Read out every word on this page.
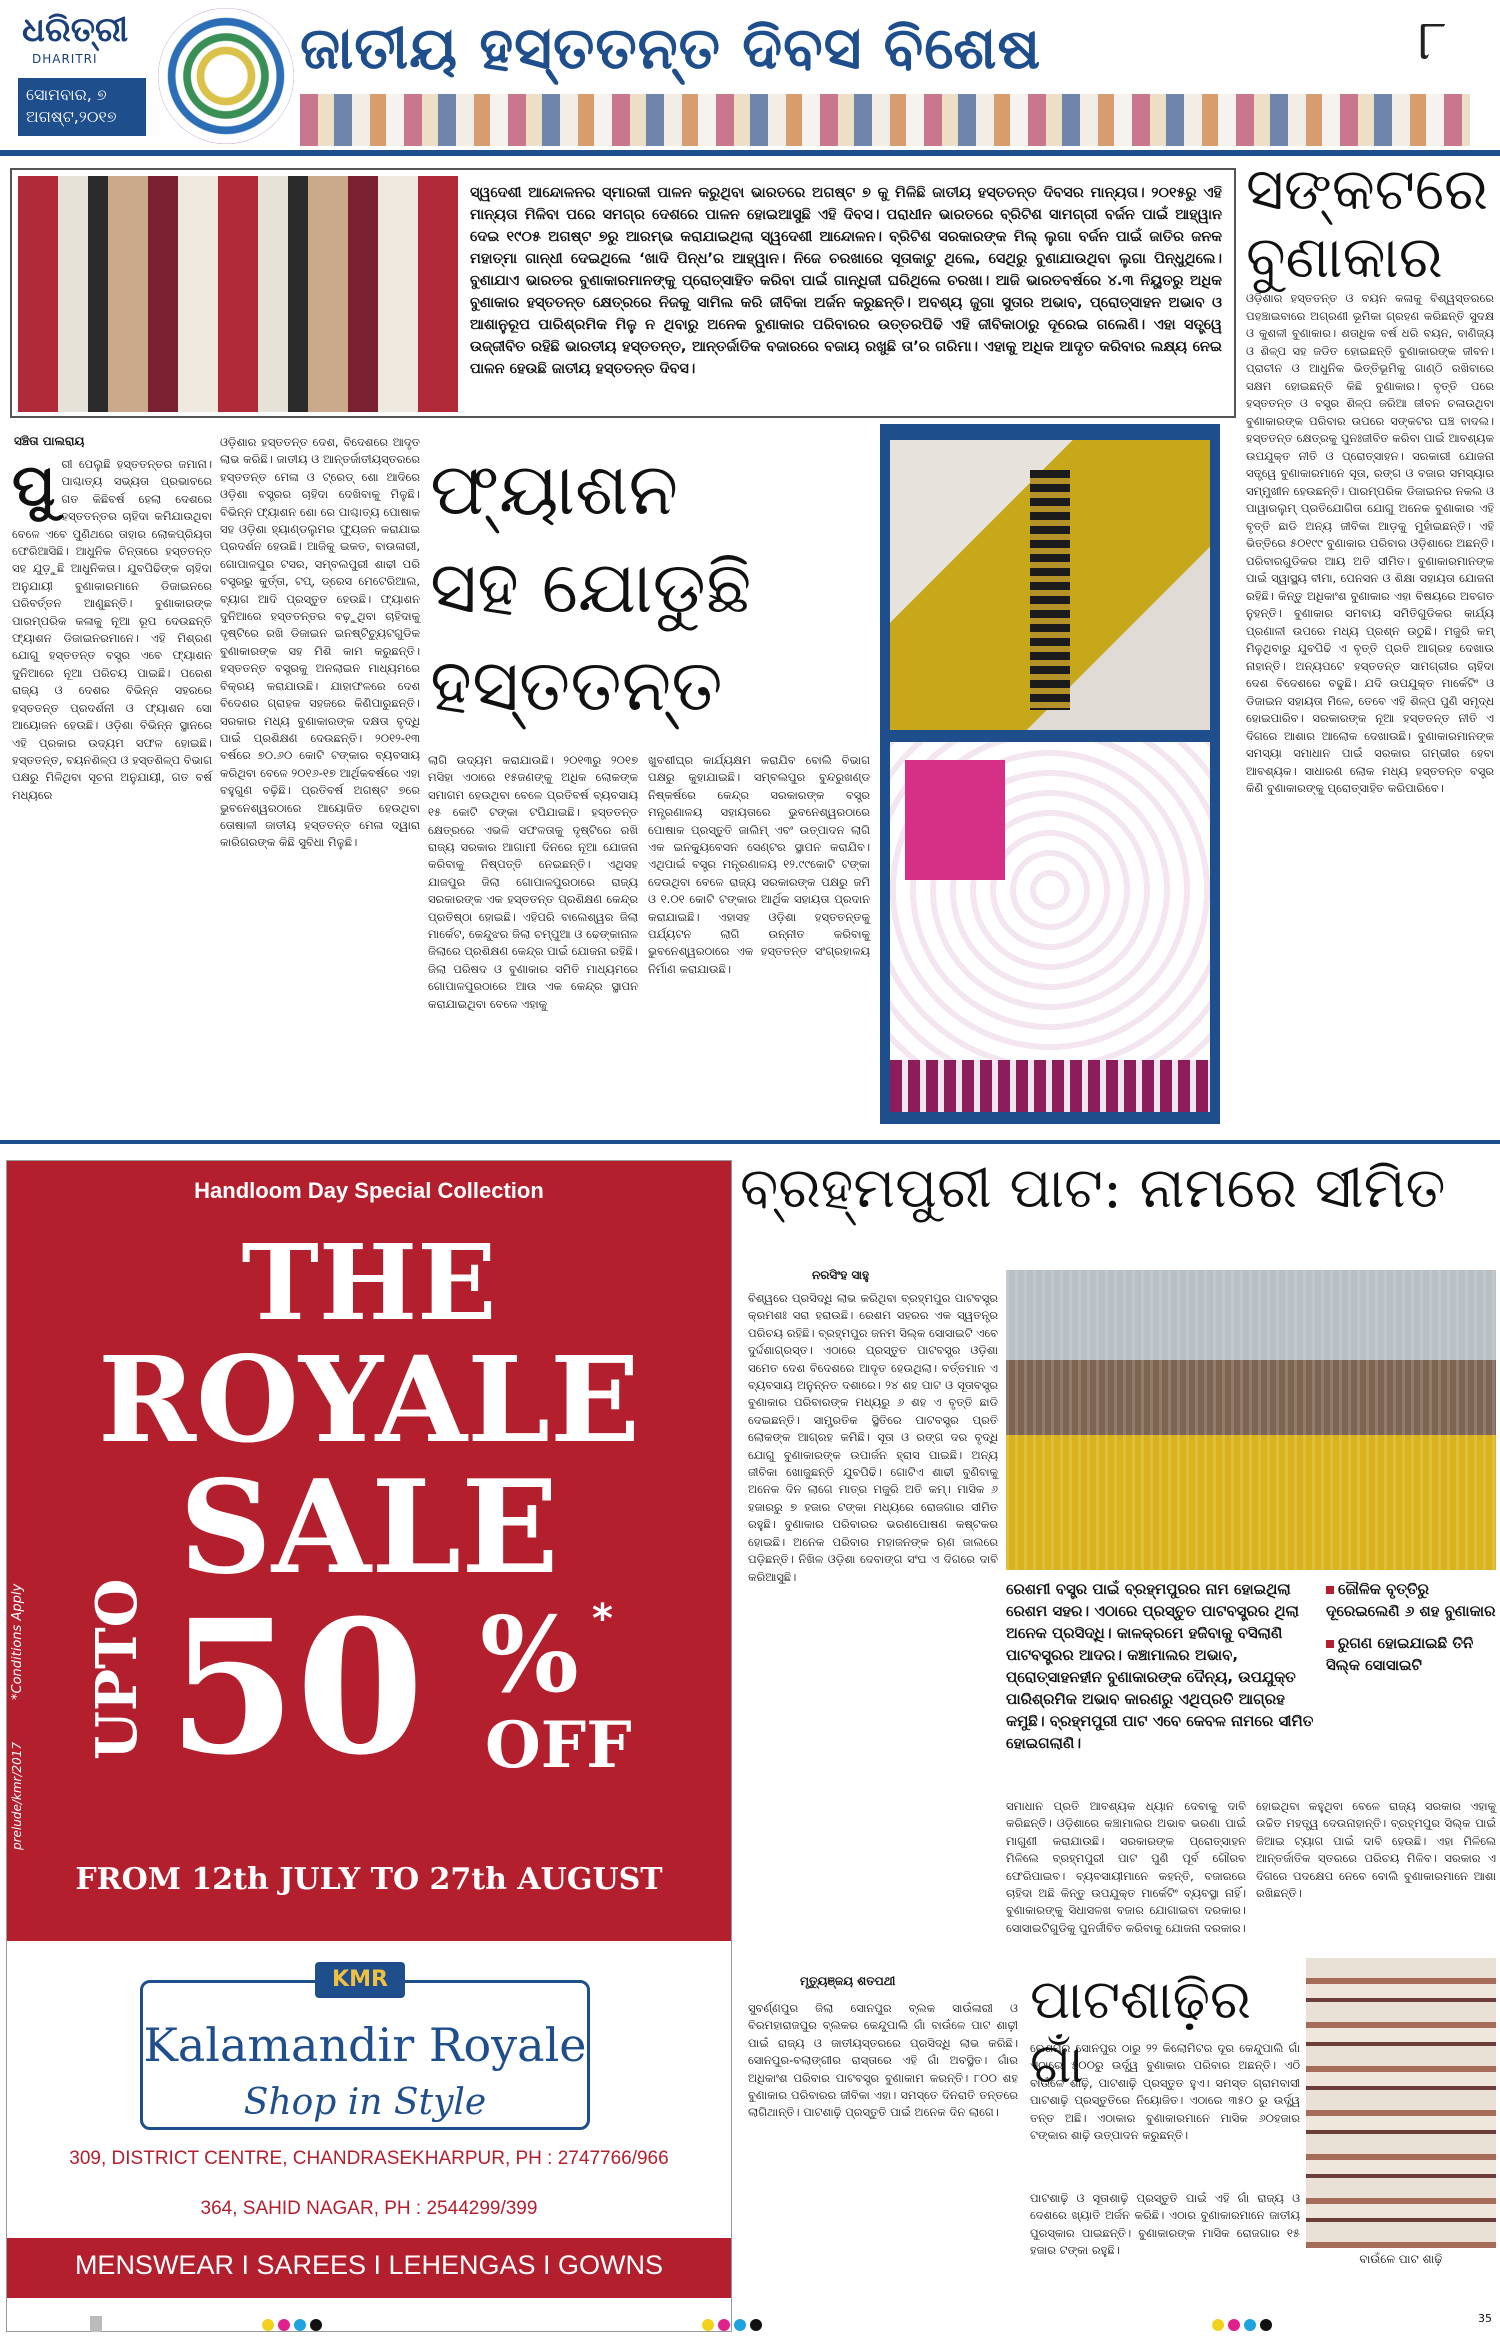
ଧରିତ୍ରୀ
DHARITRI
ସୋମବାର, ୭
ଅଗଷ୍ଟ,୨୦୧୭
ଜାତୀୟ ହସ୍ତତନ୍ତ ଦିବସ ବିଶେଷ	୮
ସ୍ୱଦେଶୀ ଆନ୍ଦୋଳନର ସ୍ମାରକୀ ପାଳନ କରୁଥିବା ଭାରତରେ ଅଗଷ୍ଟ ୭ କୁ ମିଳିଛି ଜାତୀୟ ହସ୍ତତନ୍ତ ଦିବସର ମାନ୍ୟତା। ୨୦୧୫ରୁ ଏହି ମାନ୍ୟତା ମିଳିବା ପରେ ସମଗ୍ର ଦେଶରେ ପାଳନ ହୋଇଆସୁଛି ଏହି ଦିବସ। ପରାଧୀନ ଭାରତରେ ବ୍ରିଟିଶ ସାମଗ୍ରୀ ବର୍ଜନ ପାଇଁ ଆହ୍ୱାନ ଦେଇ ୧୯୦୫ ଅଗଷ୍ଟ ୭ରୁ ଆରମ୍ଭ କରାଯାଇଥିଲା ସ୍ୱଦେଶୀ ଆନ୍ଦୋଳନ। ବ୍ରିଟିଶ ସରକାରଙ୍କ ମିଲ୍ ଲୁଗା ବର୍ଜନ ପାଇଁ ଜାତିର ଜନକ ମହାତ୍ମା ଗାନ୍ଧୀ ଦେଇଥିଲେ ‘ଖାଦି ପିନ୍ଧ’ର ଆହ୍ୱାନ। ନିଜେ ଚରଖାରେ ସୂତାକାଟୁ ଥିଲେ, ସେଥିରୁ ବୁଣାଯାଉଥିବା ଲୁଗା ପିନ୍ଧୁଥିଲେ। ବୁଣାଯାଏ ଭାରତର ବୁଣାକାରମାନଙ୍କୁ ପ୍ରୋତ୍ସାହିତ କରିବା ପାଇଁ ଗାନ୍ଧିଜୀ ଘରିଥିଲେ ଚରଖା। ଆଜି ଭାରତବର୍ଷରେ ୪.୩ ନିୟୁତରୁ ଅଧିକ ବୁଣାକାର ହସ୍ତତନ୍ତ କ୍ଷେତ୍ରରେ ନିଜକୁ ସାମିଲ କରି ଜୀବିକା ଅର୍ଜନ କରୁଛନ୍ତି। ଅବଶ୍ୟ ଜୁଗା ସୁତାର ଅଭାବ, ପ୍ରୋତ୍ସାହନ ଅଭାବ ଓ ଆଶାନୁରୂପ ପାରିଶ୍ରମିକ ମିଳୁ ନ ଥିବାରୁ ଅନେକ ବୁଣାକାର ପରିବାରର ଉତ୍ତରପିଢି ଏହି ଜୀବିକାଠାରୁ ଦୂରେଇ ଗଲେଣି। ଏହା ସତ୍ତ୍ୱେ ଉଜ୍ଜୀବିତ ରହିଛି ଭାରତୀୟ ହସ୍ତତନ୍ତ, ଆନ୍ତର୍ଜାତିକ ବଜାରରେ ବଜାୟ ରଖୁଛି ତା’ର ଗରିମା। ଏହାକୁ ଅଧିକ ଆଦୃତ କରିବାର ଲକ୍ଷ୍ୟ ନେଇ ପାଳନ ହେଉଛି ଜାତୀୟ ହସ୍ତତନ୍ତ ଦିବସ।
ସଙ୍କଟରେ ବୁଣାକାର
ଓଡ଼ିଶାର ହସ୍ତତନ୍ତ ଓ ବୟନ କଳାକୁ ବିଶ୍ୱସ୍ତରରେ ପହଞ୍ଚାଇବାରେ ଅଗ୍ରଣୀ ଭୂମିକା ଗ୍ରହଣ କରିଛନ୍ତି ସୁଦକ୍ଷ ଓ କୁଶଳୀ ବୁଣାକାର। ଶତାଧିକ ବର୍ଷ ଧରି ବୟନ, ବାଣିଜ୍ୟ ଓ ଶିଳ୍ପ ସହ ଜଡିତ ହୋଇଛନ୍ତି ବୁଣାକାରଙ୍କ ଜୀବନ। ପ୍ରାଚୀନ ଓ ଆଧୁନିକ ଭିତ୍ତିଭୂମିକୁ ଗାଣ୍ଠି ରଖିବାରେ ସକ୍ଷମ ହୋଇଛନ୍ତି କିଛି ବୁଣାକାର। ବୃତ୍ତି ପରେ ହସ୍ତତନ୍ତ ଓ ବସ୍ତ୍ର ଶିଳ୍ପ ଜରିଆ ଜୀବନ ଚଳାଉଥିବା ବୁଣାକାରଙ୍କ ପରିବାର ଉପରେ ସଙ୍କଟର ଘଞ୍ଚ ବାଦଲ। ହସ୍ତତନ୍ତ କ୍ଷେତ୍ରକୁ ପୁନଃଜୀବିତ କରିବା ପାଇଁ ଆବଶ୍ୟକ ଉପଯୁକ୍ତ ନୀତି ଓ ପ୍ରୋତ୍ସାହନ। ସରକାରୀ ଯୋଜନା ସତ୍ତ୍ୱେ ବୁଣାକାରମାନେ ସୂତା, ରଙ୍ଗ ଓ ବଜାର ସମସ୍ୟାର ସମ୍ମୁଖୀନ ହେଉଛନ୍ତି। ପାରମ୍ପରିକ ଡିଜାଇନର ନକଲ ଓ ପାୱାରଲୁମ୍ ପ୍ରତିଯୋଗିତା ଯୋଗୁ ଅନେକ ବୁଣାକାର ଏହି ବୃତ୍ତି ଛାଡି ଅନ୍ୟ ଜୀବିକା ଆଡ଼କୁ ମୁହାଁଇଛନ୍ତି। ଏହି ଭିତ୍ତିରେ ୫୦୧୯୯ ବୁଣାକାର ପରିବାର ଓଡ଼ିଶାରେ ଅଛନ୍ତି। ପରିବାରଗୁଡିକର ଆୟ ଅତି ସୀମିତ। ବୁଣାକାରମାନଙ୍କ ପାଇଁ ସ୍ୱାସ୍ଥ୍ୟ ବୀମା, ପେନସନ ଓ ଶିକ୍ଷା ସହାୟତା ଯୋଜନା ରହିଛି। କିନ୍ତୁ ଅଧିକାଂଶ ବୁଣାକାର ଏହା ବିଷୟରେ ଅବଗତ ନୁହନ୍ତି। ବୁଣାକାର ସମବାୟ ସମିତିଗୁଡିକର କାର୍ଯ୍ୟ ପ୍ରଣାଳୀ ଉପରେ ମଧ୍ୟ ପ୍ରଶ୍ନ ଉଠୁଛି। ମଜୁରି କମ୍ ମିଳୁଥିବାରୁ ଯୁବପିଢି ଏ ବୃତ୍ତି ପ୍ରତି ଆଗ୍ରହ ଦେଖାଉ ନାହାନ୍ତି। ଅନ୍ୟପଟେ ହସ୍ତତନ୍ତ ସାମଗ୍ରୀର ଚାହିଦା ଦେଶ ବିଦେଶରେ ବଢୁଛି। ଯଦି ଉପଯୁକ୍ତ ମାର୍କେଟିଂ ଓ ଡିଜାଇନ ସହାୟତା ମିଳେ, ତେବେ ଏହି ଶିଳ୍ପ ପୁଣି ସମୃଦ୍ଧ ହୋଇପାରିବ। ସରକାରଙ୍କ ନୂଆ ହସ୍ତତନ୍ତ ନୀତି ଏ ଦିଗରେ ଆଶାର ଆଲୋକ ଦେଖାଉଛି। ବୁଣାକାରମାନଙ୍କ ସମସ୍ୟା ସମାଧାନ ପାଇଁ ସରକାର ଗମ୍ଭୀର ହେବା ଆବଶ୍ୟକ। ସାଧାରଣ ଲୋକ ମଧ୍ୟ ହସ୍ତତନ୍ତ ବସ୍ତ୍ର କିଣି ବୁଣାକାରଙ୍କୁ ପ୍ରୋତ୍ସାହିତ କରିପାରିବେ।
ସଞ୍ଚିତା ପାଲରାୟ
ପୁରୀ ପେଲୁଛି ହସ୍ତତନ୍ତର ଜମାନା। ପାଶ୍ଚାତ୍ୟ ସଭ୍ୟତା ପ୍ରଭାବରେ ଗତ କିଛିବର୍ଷ ହେଲା ଦେଶରେ ହସ୍ତତନ୍ତର ଚାହିଦା କମିଯାଉଥିବା ବେଳେ ଏବେ ପୁଣିଥରେ ତାହାର ଲୋକପ୍ରିୟତା ଫେରିଆସିଛି। ଆଧୁନିକ ଚିନ୍ତାରେ ହସ୍ତତନ୍ତ ସହ ଯୁଡ଼ୁଛି ଆଧୁନିକତା। ଯୁବପିଢିଙ୍କ ଚାହିଦା ଅନୁଯାୟୀ ବୁଣାକାରମାନେ ଡିଜାଇନରେ ପରିବର୍ତ୍ତନ ଆଣୁଛନ୍ତି। ବୁଣାକାରଙ୍କ ପାରମ୍ପରିକ କଳାକୁ ନୂଆ ରୂପ ଦେଉଛନ୍ତି ଫ୍ୟାଶନ ଡିଜାଇନରମାନେ। ଏହି ମିଶ୍ରଣ ଯୋଗୁ ହସ୍ତତନ୍ତ ବସ୍ତ୍ର ଏବେ ଫ୍ୟାଶନ ଦୁନିଆରେ ନୂଆ ପରିଚୟ ପାଇଛି। ପରେଶ ରାଜ୍ୟ ଓ ଦେଶର ବିଭିନ୍ନ ସହରରେ ହସ୍ତତନ୍ତ ପ୍ରଦର୍ଶନୀ ଓ ଫ୍ୟାଶନ ସୋ ଆୟୋଜନ ହେଉଛି। ଓଡ଼ିଶା ବିଭିନ୍ନ ସ୍ଥାନରେ ଏହି ପ୍ରକାର ଉଦ୍ୟମ ସଫଳ ହୋଇଛି। ହସ୍ତତନ୍ତ, ବୟନଶିଳ୍ପ ଓ ହସ୍ତଶିଳ୍ପ ବିଭାଗ ପକ୍ଷରୁ ମିଳିଥିବା ସୂଚନା ଅନୁଯାୟୀ, ଗତ ବର୍ଷ ମଧ୍ୟରେ
ଓଡ଼ିଶାର ହସ୍ତତନ୍ତ ଦେଶ, ବିଦେଶରେ ଆଦୃତ ଲାଭ କରିଛି। ଜାତୀୟ ଓ ଆନ୍ତର୍ଜାତୀୟସ୍ତରରେ ହସ୍ତତନ୍ତ ମେଳା ଓ ଟ୍ରେଡ୍ ଶୋ ଆଦିରେ ଓଡ଼ିଶା ବସ୍ତ୍ରର ଚାହିଦା ଦେଖିବାକୁ ମିଳୁଛି। ବିଭିନ୍ନ ଫ୍ୟାଶନ ଶୋ ରେ ପାଶ୍ଚାତ୍ୟ ପୋଷାକ ସହ ଓଡ଼ିଶା ହ୍ୟାଣ୍ଡଲୁମର ଫ୍ୟୁଜନ କରାଯାଇ ପ୍ରଦର୍ଶନ ହେଉଛି। ଆଜିକୁ ଇକତ, ବାଉଳାରୀ, ଗୋପାଳପୁର ଟସର, ସମ୍ବଲପୁରୀ ଶାଢୀ ପରି ବସ୍ତ୍ରରୁ କୁର୍ତ୍ତା, ଟପ୍, ଡ୍ରେସ ମେଟେରିଆଲ, ବ୍ୟାଗ ଆଦି ପ୍ରସ୍ତୁତ ହେଉଛି। ଫ୍ୟାଶନ ଦୁନିଆରେ ହସ୍ତତନ୍ତର ବଢ଼ୁଥିବା ଚାହିଦାକୁ ଦୃଷ୍ଟିରେ ରଖି ଡିଜାଇନ ଇନଷ୍ଟିଚ୍ୟୁଟଗୁଡିକ ବୁଣାକାରଙ୍କ ସହ ମିଶି କାମ କରୁଛନ୍ତି। ହସ୍ତତନ୍ତ ବସ୍ତ୍ରକୁ ଅନଲାଇନ ମାଧ୍ୟମରେ ବିକ୍ରୟ କରାଯାଉଛି। ଯାହାଫଳରେ ଦେଶ ବିଦେଶର ଗ୍ରାହକ ସହଜରେ କିଣିପାରୁଛନ୍ତି। ସରକାର ମଧ୍ୟ ବୁଣାକାରଙ୍କ ଦକ୍ଷତା ବୃଦ୍ଧି ପାଇଁ ପ୍ରଶିକ୍ଷଣ ଦେଉଛନ୍ତି। ୨୦୧୨-୧୩ ବର୍ଷରେ ୭୦.୬୦ କୋଟି ଟଙ୍କାର ବ୍ୟବସାୟ କରିଥିବା ବେଳେ ୨୦୧୬-୧୭ ଆର୍ଥିକବର୍ଷରେ ଏହା ବହୁଗୁଣ ବଢ଼ିଛି। ପ୍ରତିବର୍ଷ ଅଗଷ୍ଟ ୭ରେ ଭୁବନେଶ୍ୱରଠାରେ ଆୟୋଜିତ ହେଉଥିବା ତୋଷାଳୀ ଜାତୀୟ ହସ୍ତତନ୍ତ ମେଳା ଦ୍ୱାରା କାରିଗରଙ୍କ କିଛି ସୁବିଧା ମିଳୁଛି।
ଫ୍ୟାଶନ
ସହ ଯୋଡୁଛି
ହସ୍ତତନ୍ତ
ଲାଗି ଉଦ୍ୟମ କରାଯାଉଛି। ୨୦୧୩ରୁ ୨୦୧୭ ମସିହା ଏଠାରେ ୧୫ଜଣଙ୍କୁ ଅଧିକ ଲୋକଙ୍କ ସମାଗମ ହେଉଥିବା ବେଳେ ପ୍ରତିବର୍ଷ ବ୍ୟବସାୟ ୧୫ କୋଟି ଟଙ୍କା ଟପିଯାଇଛି। ହସ୍ତତନ୍ତ କ୍ଷେତ୍ରରେ ଏଭଳି ସଫଳତାକୁ ଦୃଷ୍ଟିରେ ରଖି ରାଜ୍ୟ ସରକାର ଆଗାମୀ ଦିନରେ ନୂଆ ଯୋଜନା କରିବାକୁ ନିଷ୍ପତ୍ତି ନେଇଛନ୍ତି। ଏଥିସହ ଯାଜପୁର ଜିଲା ଗୋପାଳପୁରଠାରେ ରାଜ୍ୟ ସରକାରଙ୍କ ଏକ ହସ୍ତତନ୍ତ ପ୍ରଶିକ୍ଷଣ କେନ୍ଦ୍ର ପ୍ରତିଷ୍ଠା ହୋଇଛି। ଏହିପରି ବାଲେଶ୍ୱର ଜିଲା ମାର୍କେଟ, କେନ୍ଦୁଝର ଜିଲା ଚମ୍ପୁଆ ଓ ଢେଙ୍କାନାଳ ଜିଲାରେ ପ୍ରଶିକ୍ଷଣ କେନ୍ଦ୍ର ପାଇଁ ଯୋଜନା ରହିଛି। ଜିଲା ପରିଷଦ ଓ ବୁଣାକାର ସମିତି ମାଧ୍ୟମରେ ଗୋପାଳପୁରଠାରେ ଆଉ ଏକ କେନ୍ଦ୍ର ସ୍ଥାପନ କରାଯାଇଥିବା ବେଳେ ଏହାକୁ
ଖୁବଶୀଘ୍ର କାର୍ଯ୍ୟକ୍ଷମ କରାଯିବ ବୋଲି ବିଭାଗ ପକ୍ଷରୁ କୁହାଯାଇଛି। ସମ୍ବଲପୁର ବୁନ୍ଦରୁଖଣ୍ଡ ନିଷ୍କର୍ଷରେ କେନ୍ଦ୍ର ସରକାରଙ୍କ ବସ୍ତ୍ର ମନ୍ତ୍ରଣାଳୟ ସହାୟତାରେ ଭୁବନେଶ୍ୱରଠାରେ ପୋଷାକ ପ୍ରସ୍ତୁତି ଜାଲିମ୍ ଏବଂ ଉତ୍ପାଦନ ଲାଗି ଏକ ଇନକ୍ୟୁବେସନ ସେଣ୍ଟର ସ୍ଥାପନ କରାଯିବ। ଏଥିପାଇଁ ବସ୍ତ୍ର ମନ୍ତ୍ରଣାଳୟ ୧୨.୯୯କୋଟି ଟଙ୍କା ଦେଉଥିବା ବେଳେ ରାଜ୍ୟ ସରକାରଙ୍କ ପକ୍ଷରୁ ଜମି ଓ ୧.୦୧ କୋଟି ଟଙ୍କାର ଆର୍ଥିକ ସହାୟତା ପ୍ରଦାନ କରାଯାଇଛି। ଏହାସହ ଓଡ଼ିଶା ହସ୍ତତନ୍ତକୁ ପର୍ଯ୍ୟଟନ ଲାଗି ଉନ୍ନୀତ କରିବାକୁ ଭୁବନେଶ୍ୱରଠାରେ ଏକ ହସ୍ତତନ୍ତ ସଂଗ୍ରହାଳୟ ନିର୍ମାଣ କରାଯାଉଛି।
Handloom Day Special Collection
THE
ROYALE
SALE
UPTO 50 % *
OFF
*Conditions Apply
prelude/kmr/2017
FROM 12th JULY TO 27th AUGUST
KMR
Kalamandir Royale
Shop in Style
309, DISTRICT CENTRE, CHANDRASEKHARPUR, PH : 2747766/966
364, SAHID NAGAR, PH : 2544299/399
MENSWEAR I SAREES I LEHENGAS I GOWNS
ବ୍ରହ୍ମପୁରୀ ପାଟ: ନାମରେ ସୀମିତ
ନରସିଂହ ସାହୁ
ବିଶ୍ୱରେ ପ୍ରସିଦ୍ଧି ଲାଭ କରିଥିବା ବ୍ରହ୍ମପୁର ପାଟବସ୍ତ୍ର କ୍ରମଶଃ ସରା ହରାଉଛି। ରେଶମ ସହରର ଏକ ସ୍ୱତନ୍ତ୍ର ପରିଚୟ ରହିଛି। ବ୍ରହ୍ମପୁର ଜନମ ସିଲ୍କ ସୋସାଇଟି ଏବେ ଦୁର୍ଦ୍ଦଶାଗ୍ରସ୍ତ। ଏଠାରେ ପ୍ରସ୍ତୁତ ପାଟବସ୍ତ୍ର ଓଡ଼ିଶା ସମେତ ଦେଶ ବିଦେଶରେ ଆଦୃତ ହେଉଥିଲା। ବର୍ତ୍ତମାନ ଏ ବ୍ୟବସାୟ ଅନୁନ୍ନତ ଦଶାରେ। ୨୪ ଶହ ପାଟ ଓ ସୂତାବସ୍ତ୍ର ବୁଣାକାର ପରିବାରଙ୍କ ମଧ୍ୟରୁ ୬ ଶହ ଏ ବୃତ୍ତି ଛାଡି ଦେଇଛନ୍ତି। ସାମ୍ପ୍ରତିକ ସ୍ଥିତିରେ ପାଟବସ୍ତ୍ର ପ୍ରତି ଲୋକଙ୍କ ଆଗ୍ରହ କମିଛି। ସୂତା ଓ ରଙ୍ଗ ଦର ବୃଦ୍ଧି ଯୋଗୁ ବୁଣାକାରଙ୍କ ଉପାର୍ଜନ ହ୍ରାସ ପାଇଛି। ଅନ୍ୟ ଜୀବିକା ଖୋଜୁଛନ୍ତି ଯୁବପିଢି। ଗୋଟିଏ ଶାଢୀ ବୁଣିବାକୁ ଅନେକ ଦିନ ଲାଗେ ମାତ୍ର ମଜୁରି ଅତି କମ୍। ମାସିକ ୬ ହଜାରରୁ ୭ ହଜାର ଟଙ୍କା ମଧ୍ୟରେ ରୋଜଗାର ସୀମିତ ରହୁଛି। ବୁଣାକାର ପରିବାରର ଭରଣପୋଷଣ କଷ୍ଟକର ହୋଇଛି। ଅନେକ ପରିବାର ମହାଜନଙ୍କ ଋଣ ଜାଲରେ ପଡ଼ିଛନ୍ତି। ନିଖିଳ ଓଡ଼ିଶା ଦେବାଙ୍ଗ ସଂଘ ଏ ଦିଗରେ ଦାବି କରିଆସୁଛି।
ରେଶମୀ ବସ୍ତ୍ର ପାଇଁ ବ୍ରହ୍ମପୁରର ନାମ ହୋଇଥିଲା ରେଶମ ସହର। ଏଠାରେ ପ୍ରସ୍ତୁତ ପାଟବସ୍ତ୍ରର ଥିଲା ଅନେକ ପ୍ରସିଦ୍ଧି। କାଳକ୍ରମେ ହଜିବାକୁ ବସିଲାଣି ପାଟବସ୍ତ୍ରର ଆଦର। କଞ୍ଚାମାଲର ଅଭାବ, ପ୍ରୋତ୍ସାହନହୀନ ବୁଣାକାରଙ୍କ ଦୈନ୍ୟ, ଉପଯୁକ୍ତ ପାରିଶ୍ରମିକ ଅଭାବ କାରଣରୁ ଏଥିପ୍ରତି ଆଗ୍ରହ କମୁଛି। ବ୍ରହ୍ମପୁରୀ ପାଟ ଏବେ କେବଳ ନାମରେ ସୀମିତ ହୋଇଗଲାଣି।
ଜୌଳିକ ବୃତ୍ତିରୁ ଦୂରେଇଲେଣି ୬ ଶହ ବୁଣାକାର
ରୁଗଣ ହୋଇଯାଇଛି ତିନି ସିଲ୍କ ସୋସାଇଟି
ସମାଧାନ ପ୍ରତି ଆବଶ୍ୟକ ଧ୍ୟାନ ଦେବାକୁ ଦାବି କରିଛନ୍ତି। ଓଡ଼ିଶାରେ କଞ୍ଚାମାଲର ଅଭାବ ଭରଣା ପାଇଁ ମାଗୁଣୀ କରାଯାଉଛି। ସରକାରଙ୍କ ପ୍ରୋତ୍ସାହନ ମିଳିଲେ ବ୍ରହ୍ମପୁରୀ ପାଟ ପୁଣି ପୂର୍ବ ଗୌରବ ଫେରିପାଇବ। ବ୍ୟବସାୟୀମାନେ କହନ୍ତି, ବଜାରରେ ଚାହିଦା ଅଛି କିନ୍ତୁ ଉପଯୁକ୍ତ ମାର୍କେଟିଂ ବ୍ୟବସ୍ଥା ନାହିଁ। ବୁଣାକାରଙ୍କୁ ସିଧାସଳଖ ବଜାର ଯୋଗାଇବା ଦରକାର। ସୋସାଇଟିଗୁଡିକୁ ପୁନର୍ଜୀବିତ କରିବାକୁ ଯୋଜନା ଦରକାର।
ହୋଇଥିବା କହୁଥିବା ବେଳେ ରାଜ୍ୟ ସରକାର ଏହାକୁ ଉଚ୍ଚିତ ମହତ୍ତ୍ୱ ଦେଉନାହାନ୍ତି। ବ୍ରହ୍ମପୁର ସିଲ୍କ ପାଇଁ ଜିଆଇ ଟ୍ୟାଗ ପାଇଁ ଦାବି ହେଉଛି। ଏହା ମିଳିଲେ ଆନ୍ତର୍ଜାତିକ ସ୍ତରରେ ପରିଚୟ ମିଳିବ। ସରକାର ଏ ଦିଗରେ ପଦକ୍ଷେପ ନେବେ ବୋଲି ବୁଣାକାରମାନେ ଆଶା ରଖିଛନ୍ତି।
ମୃତ୍ୟୁଞ୍ଜୟ ଶତପଥୀ ପାଟଶାଢ଼ିର ଗାଁ
ସୁବର୍ଣ୍ଣପୁର ଜିଲା ସୋନପୁର ବ୍ଲକ ସାଉଁଳାରୀ ଓ ବିରମହାରାଜପୁର ବ୍ଲକର କେନ୍ଦୁପାଲି ଗାଁ ବାଉଁଳେ ପାଟ ଶାଢ଼ୀ ପାଇଁ ରାଜ୍ୟ ଓ ଜାତୀୟସ୍ତରରେ ପ୍ରସିଦ୍ଧି ଲାଭ କରିଛି। ସୋନପୁର-ବଲାଙ୍ଗୀର ରାସ୍ତାରେ ଏହି ଗାଁ ଅବସ୍ଥିତ। ଗାଁର ଅଧିକାଂଶ ପରିବାର ପାଟବସ୍ତ୍ର ବୁଣାକାମ କରନ୍ତି। ୮୦୦ ଶହ ବୁଣାକାର ପରିବାରର ଜୀବିକା ଏହା। ସମସ୍ତେ ଦିନରାତି ତନ୍ତରେ ଲାଗିଥାନ୍ତି। ପାଟଶାଢ଼ି ପ୍ରସ୍ତୁତି ପାଇଁ ଅନେକ ଦିନ ଲାଗେ।
ରେଶମର ସୋନପୁର ଠାରୁ ୨୨ କିଲୋମିଟର ଦୂର କେନ୍ଦୁପାଲି ଗାଁ ଏଠାରେ ୫୦୦ରୁ ଉର୍ଦ୍ଧ୍ୱ ବୁଣାକାର ପରିବାର ଅଛନ୍ତି। ଏଠି ବାଉଁଳେ ଶାଢ଼ି, ପାଟଶାଢ଼ି ପ୍ରସ୍ତୁତ ହୁଏ। ସମସ୍ତ ଗ୍ରାମବାସୀ ପାଟଶାଢ଼ି ପ୍ରସ୍ତୁତିରେ ନିୟୋଜିତ। ଏଠାରେ ୩୫୦ ରୁ ଉର୍ଦ୍ଧ୍ୱ ତନ୍ତ ଅଛି। ଏଠାକାର ବୁଣାକାରମାନେ ମାସିକ ୬୦ହଜାର ଟଙ୍କାର ଶାଢ଼ି ଉତ୍ପାଦନ କରୁଛନ୍ତି।
ପାଟଶାଢ଼ି ଓ ସୂତାଶାଢ଼ି ପ୍ରସ୍ତୁତି ପାଇଁ ଏହି ଗାଁ ରାଜ୍ୟ ଓ ଦେଶରେ ଖ୍ୟାତି ଅର୍ଜନ କରିଛି। ଏଠାର ବୁଣାକାରମାନେ ଜାତୀୟ ପୁରସ୍କାର ପାଇଛନ୍ତି। ବୁଣାକାରଙ୍କ ମାସିକ ରୋଜଗାର ୧୫ ହଜାର ଟଙ୍କା ରହୁଛି।
ବାଉଁଳେ ପାଟ ଶାଢ଼ି
35
